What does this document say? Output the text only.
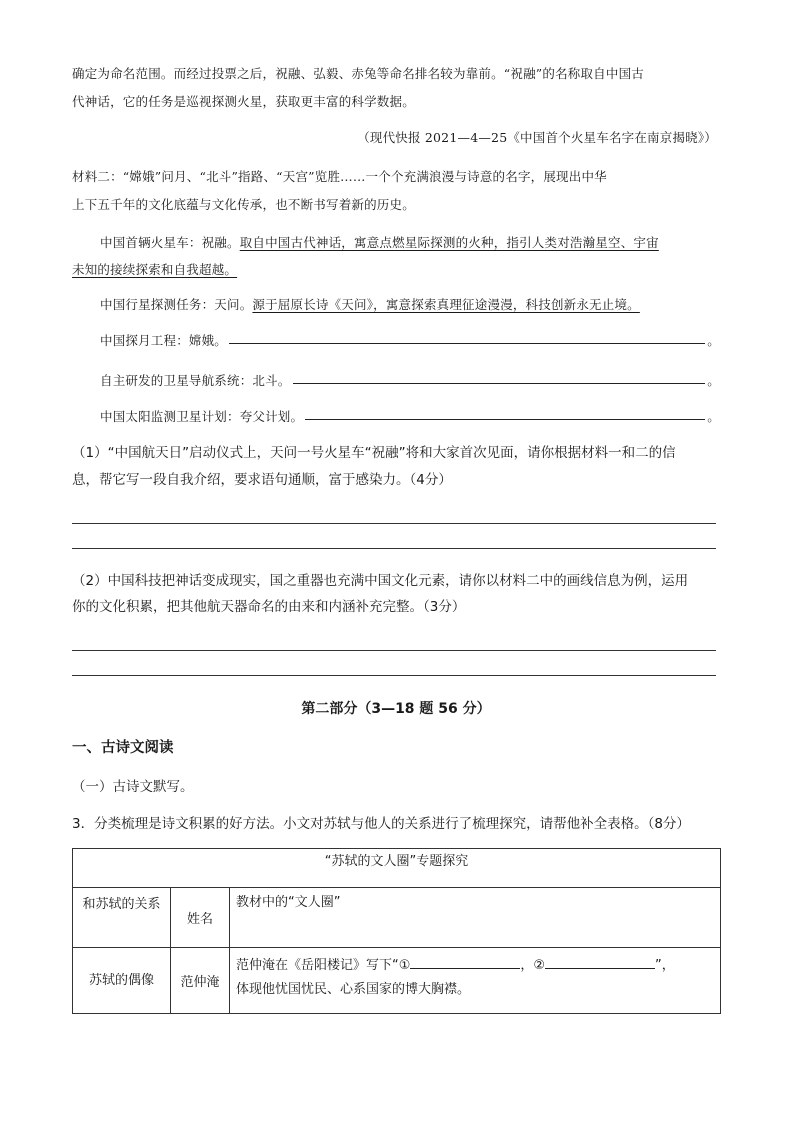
确定为命名范围。而经过投票之后，祝融、弘毅、赤兔等命名排名较为靠前。“祝融”的名称取自中国古
代神话，它的任务是巡视探测火星，获取更丰富的科学数据。
（现代快报 2021—4—25《中国首个火星车名字在南京揭晓》）
材料二：“嫦娥”问月、“北斗”指路、“天宫”览胜……一个个充满浪漫与诗意的名字，展现出中华
上下五千年的文化底蕴与文化传承，也不断书写着新的历史。
中国首辆火星车：祝融。取自中国古代神话，寓意点燃星际探测的火种，指引人类对浩瀚星空、宇宙
未知的接续探索和自我超越。
中国行星探测任务：天问。源于屈原长诗《天问》，寓意探索真理征途漫漫，科技创新永无止境。
中国探月工程：嫦娥。	。
自主研发的卫星导航系统：北斗。	。
中国太阳监测卫星计划：夸父计划。	。
（1）“中国航天日”启动仪式上，天问一号火星车“祝融”将和大家首次见面，请你根据材料一和二的信
息，帮它写一段自我介绍，要求语句通顺，富于感染力。（4分）
（2）中国科技把神话变成现实，国之重器也充满中国文化元素，请你以材料二中的画线信息为例，运用
你的文化积累，把其他航天器命名的由来和内涵补充完整。（3分）
第二部分（3—18 题 56 分）
一、古诗文阅读
（一）古诗文默写。
3．分类梳理是诗文积累的好方法。小文对苏轼与他人的关系进行了梳理探究，请帮他补全表格。（8分）
“苏轼的文人圈”专题探究		
和苏轼的关系	姓名	教材中的“文人圈”
苏轼的偶像	范仲淹	范仲淹在《岳阳楼记》写下“① ，② ”，
体现他忧国忧民、心系国家的博大胸襟。
